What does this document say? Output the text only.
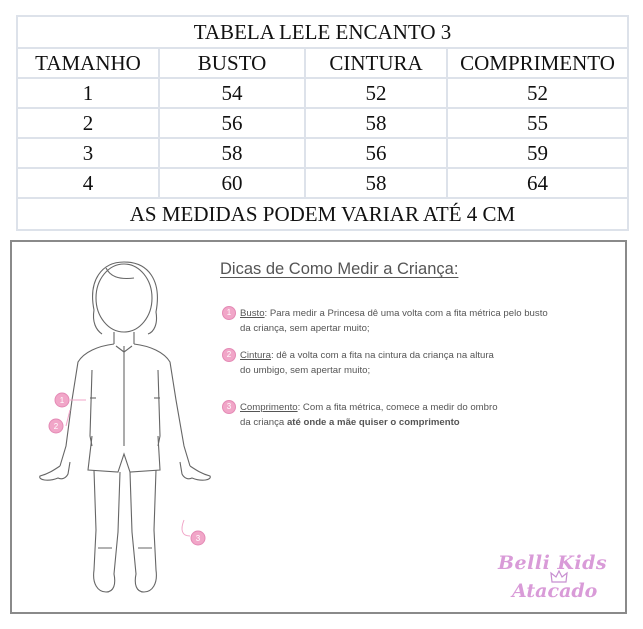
TABELA LELE ENCANTO 3			
TAMANHO	BUSTO	CINTURA	COMPRIMENTO
1	54	52	52
2	56	58	55
3	58	56	59
4	60	58	64
AS MEDIDAS PODEM VARIAR ATÉ 4 CM			
1
2
3
Dicas de Como Medir a Criança:
1 Busto: Para medir a Princesa dê uma volta com a fita métrica pelo busto
da criança, sem apertar muito;
2 Cintura: dê a volta com a fita na cintura da criança na altura
do umbigo, sem apertar muito;
3 Comprimento: Com a fita métrica, comece a medir do ombro
da criança até onde a mãe quiser o comprimento
Belli Kids
Atacado
